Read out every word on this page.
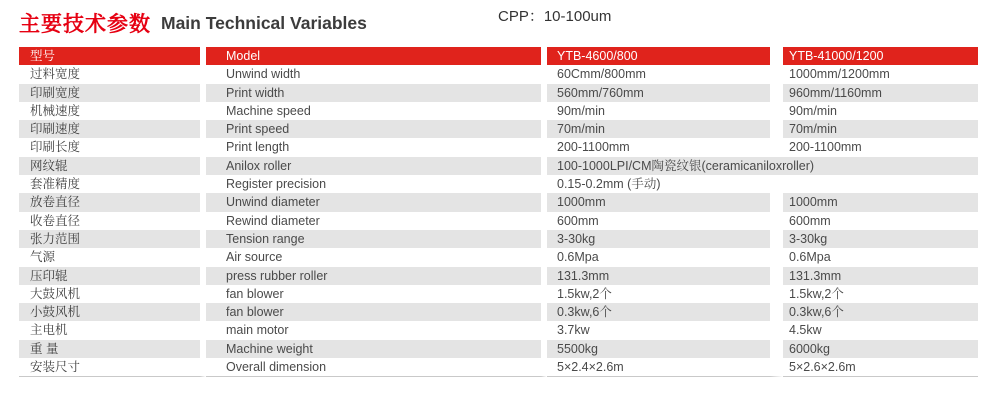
主要技术参数 Main Technical Variables	CPP：10-100um
型号	Model	YTB-4600/800	YTB-41000/1200
过料宽度	Unwind width	60Cmm/800mm	1000mm/1200mm
印刷宽度	Print width	560mm/760mm	960mm/1160mm
机械速度	Machine speed	90m/min	90m/min
印刷速度	Print speed	70m/min	70m/min
印刷长度	Print length	200-1100mm	200-1100mm
网纹辊	Anilox roller	100-1000LPI/CM陶瓷纹银(ceramicaniloxroller)	
套准精度	Register precision	0.15-0.2mm (手动)	
放卷直径	Unwind diameter	1000mm	1000mm
收卷直径	Rewind diameter	600mm	600mm
张力范围	Tension range	3-30kg	3-30kg
气源	Air source	0.6Mpa	0.6Mpa
压印辊	press rubber roller	131.3mm	131.3mm
大鼓风机	fan blower	1.5kw,2个	1.5kw,2个
小鼓风机	fan blower	0.3kw,6个	0.3kw,6个
主电机	main motor	3.7kw	4.5kw
重 量	Machine weight	5500kg	6000kg
安装尺寸	Overall dimension	5×2.4×2.6m	5×2.6×2.6m
